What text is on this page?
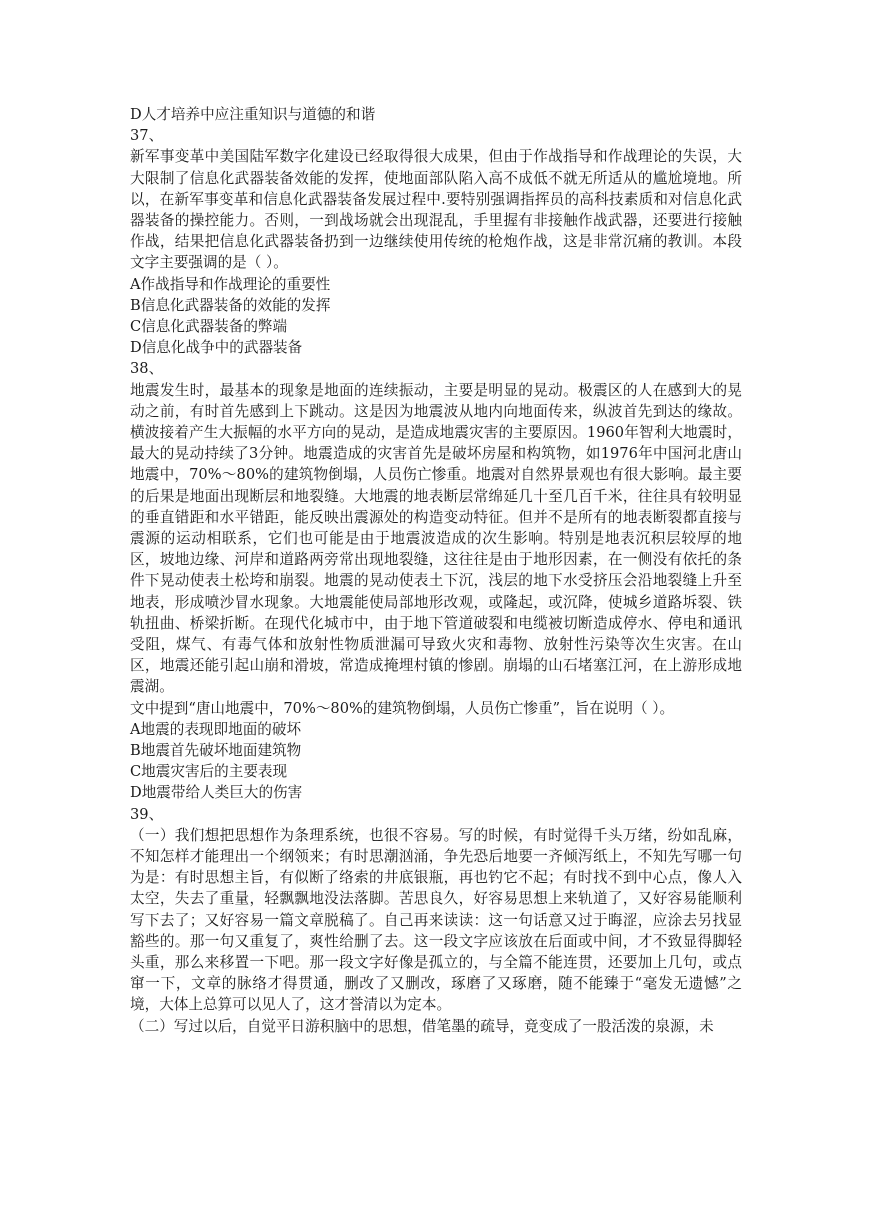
D人才培养中应注重知识与道德的和谐
37、
新军事变革中美国陆军数字化建设已经取得很大成果，但由于作战指导和作战理论的失误，大大限制了信息化武器装备效能的发挥，使地面部队陷入高不成低不就无所适从的尴尬境地。所以，在新军事变革和信息化武器装备发展过程中.要特别强调指挥员的高科技素质和对信息化武器装备的操控能力。否则，一到战场就会出现混乱，手里握有非接触作战武器，还要进行接触作战，结果把信息化武器装备扔到一边继续使用传统的枪炮作战，这是非常沉痛的教训。本段文字主要强调的是（ ）。
A作战指导和作战理论的重要性
B信息化武器装备的效能的发挥
C信息化武器装备的弊端
D信息化战争中的武器装备
38、
地震发生时，最基本的现象是地面的连续振动，主要是明显的晃动。极震区的人在感到大的晃动之前，有时首先感到上下跳动。这是因为地震波从地内向地面传来，纵波首先到达的缘故。横波接着产生大振幅的水平方向的晃动，是造成地震灾害的主要原因。1960年智利大地震时，最大的晃动持续了3分钟。地震造成的灾害首先是破坏房屋和构筑物，如1976年中国河北唐山地震中，70%～80%的建筑物倒塌，人员伤亡惨重。地震对自然界景观也有很大影响。最主要的后果是地面出现断层和地裂缝。大地震的地表断层常绵延几十至几百千米，往往具有较明显的垂直错距和水平错距，能反映出震源处的构造变动特征。但并不是所有的地表断裂都直接与震源的运动相联系，它们也可能是由于地震波造成的次生影响。特别是地表沉积层较厚的地区，坡地边缘、河岸和道路两旁常出现地裂缝，这往往是由于地形因素，在一侧没有依托的条件下晃动使表土松垮和崩裂。地震的晃动使表土下沉，浅层的地下水受挤压会沿地裂缝上升至地表，形成喷沙冒水现象。大地震能使局部地形改观，或隆起，或沉降，使城乡道路坼裂、铁轨扭曲、桥梁折断。在现代化城市中，由于地下管道破裂和电缆被切断造成停水、停电和通讯受阻，煤气、有毒气体和放射性物质泄漏可导致火灾和毒物、放射性污染等次生灾害。在山区，地震还能引起山崩和滑坡，常造成掩埋村镇的惨剧。崩塌的山石堵塞江河，在上游形成地震湖。
文中提到“唐山地震中，70%～80%的建筑物倒塌，人员伤亡惨重”，旨在说明（ ）。
A地震的表现即地面的破坏
B地震首先破坏地面建筑物
C地震灾害后的主要表现
D地震带给人类巨大的伤害
39、
（一）我们想把思想作为条理系统，也很不容易。写的时候，有时觉得千头万绪，纷如乱麻，不知怎样才能理出一个纲领来；有时思潮汹涌，争先恐后地要一齐倾泻纸上，不知先写哪一句为是：有时思想主旨，有似断了络索的井底银瓶，再也钓它不起；有时找不到中心点，像人入太空，失去了重量，轻飘飘地没法落脚。苦思良久，好容易思想上来轨道了，又好容易能顺利写下去了；又好容易一篇文章脱稿了。自己再来读读：这一句话意又过于晦涩，应涂去另找显豁些的。那一句又重复了，爽性给删了去。这一段文字应该放在后面或中间，才不致显得脚轻头重，那么来移置一下吧。那一段文字好像是孤立的，与全篇不能连贯，还要加上几句，或点窜一下，文章的脉络才得贯通，删改了又删改，琢磨了又琢磨，随不能臻于“毫发无遗憾”之境，大体上总算可以见人了，这才誉清以为定本。
（二）写过以后，自觉平日游积脑中的思想，借笔墨的疏导，竟变成了一股活泼的泉源，未
